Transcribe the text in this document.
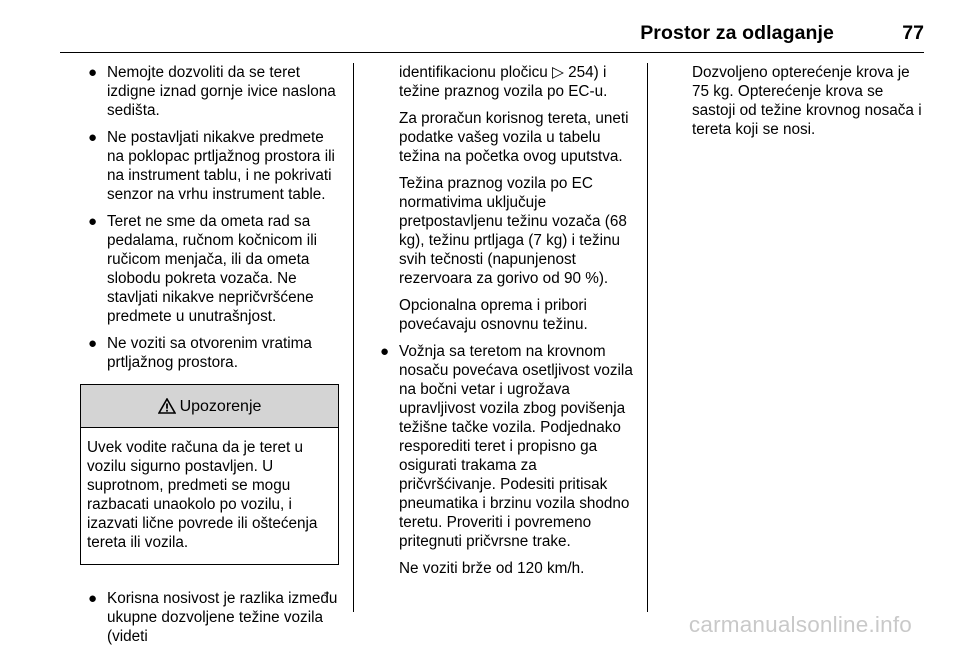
Prostor za odlaganje	77
● Nemojte dozvoliti da se teret izdigne iznad gornje ivice naslona sedišta.
● Ne postavljati nikakve predmete na poklopac prtljažnog prostora ili na instrument tablu, i ne pokrivati senzor na vrhu instrument table.
● Teret ne sme da ometa rad sa pedalama, ručnom kočnicom ili ručicom menjača, ili da ometa slobodu pokreta vozača. Ne stavljati nikakve nepričvršćene predmete u unutrašnjost.
● Ne voziti sa otvorenim vratima prtljažnog prostora.
Upozorenje
Uvek vodite računa da je teret u vozilu sigurno postavljen. U suprotnom, predmeti se mogu razbacati unaokolo po vozilu, i izazvati lične povrede ili oštećenja tereta ili vozila.
● Korisna nosivost je razlika između ukupne dozvoljene težine vozila (videti

identifikacionu pločicu ▷ 254) i težine praznog vozila po EC-u.

Za proračun korisnog tereta, uneti podatke vašeg vozila u tabelu težina na početka ovog uputstva.

Težina praznog vozila po EC normativima uključuje pretpostavljenu težinu vozača (68 kg), težinu prtljaga (7 kg) i težinu svih tečnosti (napunjenost rezervoara za gorivo od 90 %).

Opcionalna oprema i pribori povećavaju osnovnu težinu.

● Vožnja sa teretom na krovnom nosaču povećava osetljivost vozila na bočni vetar i ugrožava upravljivost vozila zbog povišenja težišne tačke vozila. Podjednako resporediti teret i propisno ga osigurati trakama za pričvršćivanje. Podesiti pritisak pneumatika i brzinu vozila shodno teretu. Proveriti i povremeno pritegnuti pričvrsne trake.

Ne voziti brže od 120 km/h.

Dozvoljeno opterećenje krova je 75 kg. Opterećenje krova se sastoji od težine krovnog nosača i tereta koji se nosi.

carmanualsonline.info
